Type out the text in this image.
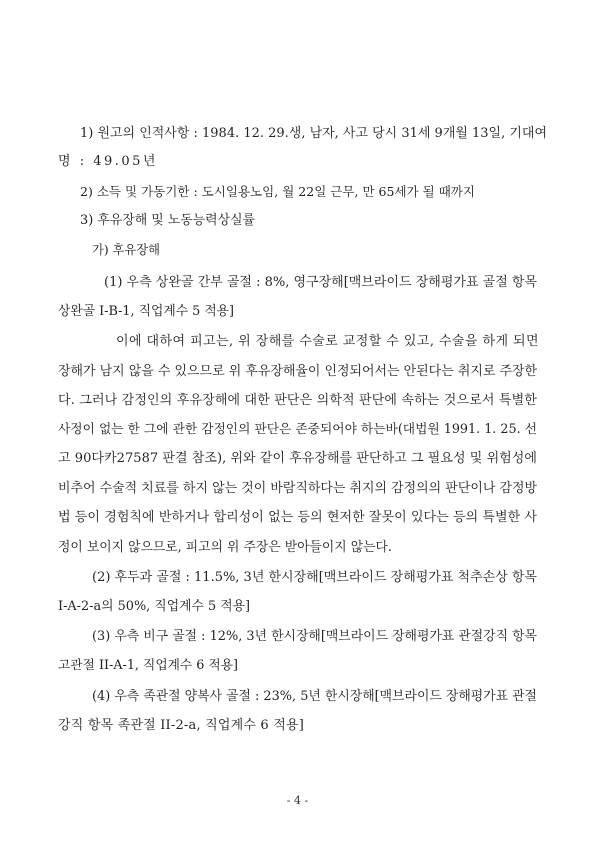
1) 원고의 인적사항 : 1984. 12. 29.생, 남자, 사고 당시 31세 9개월 13일, 기대여
명 : 49.05년
2) 소득 및 가동기한 : 도시일용노임, 월 22일 근무, 만 65세가 될 때까지
3) 후유장해 및 노동능력상실률
가) 후유장해
(1) 우측 상완골 간부 골절 : 8%, 영구장해[맥브라이드 장해평가표 골절 항목
상완골 I-B-1, 직업계수 5 적용]
이에 대하여 피고는, 위 장해를 수술로 교정할 수 있고, 수술을 하게 되면
장해가 남지 않을 수 있으므로 위 후유장해율이 인정되어서는 안된다는 취지로 주장한
다. 그러나 감정인의 후유장해에 대한 판단은 의학적 판단에 속하는 것으로서 특별한
사정이 없는 한 그에 관한 감정인의 판단은 존중되어야 하는바(대법원 1991. 1. 25. 선
고 90다카27587 판결 참조), 위와 같이 후유장해를 판단하고 그 필요성 및 위험성에
비추어 수술적 치료를 하지 않는 것이 바람직하다는 취지의 감정의의 판단이나 감정방
법 등이 경험칙에 반하거나 합리성이 없는 등의 현저한 잘못이 있다는 등의 특별한 사
정이 보이지 않으므로, 피고의 위 주장은 받아들이지 않는다.
(2) 후두과 골절 : 11.5%, 3년 한시장해[맥브라이드 장해평가표 척추손상 항목
I-A-2-a의 50%, 직업계수 5 적용]
(3) 우측 비구 골절 : 12%, 3년 한시장해[맥브라이드 장해평가표 관절강직 항목
고관절 II-A-1, 직업계수 6 적용]
(4) 우측 족관절 양복사 골절 : 23%, 5년 한시장해[맥브라이드 장해평가표 관절
강직 항목 족관절 II-2-a, 직업계수 6 적용]
- 4 -
